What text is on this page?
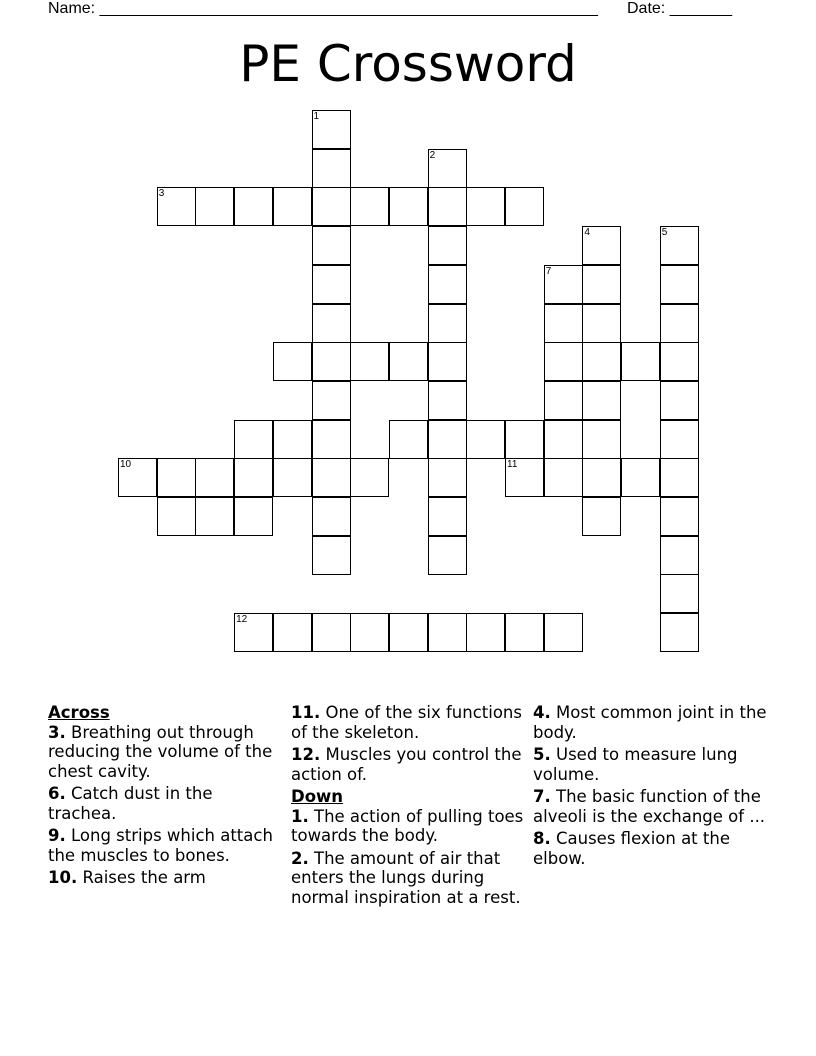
Name: ________________________________________________________ Date: _______
PE Crossword
1
2
3
5
4
7
10	11
12
Across
3. Breathing out through reducing the volume of the chest cavity.
6. Catch dust in the trachea.
9. Long strips which attach the muscles to bones.
10. Raises the arm
11. One of the six functions of the skeleton.
12. Muscles you control the action of.
Down
1. The action of pulling toes towards the body.
2. The amount of air that enters the lungs during normal inspiration at a rest.
4. Most common joint in the body.
5. Used to measure lung volume.
7. The basic function of the alveoli is the exchange of ...
8. Causes flexion at the elbow.
